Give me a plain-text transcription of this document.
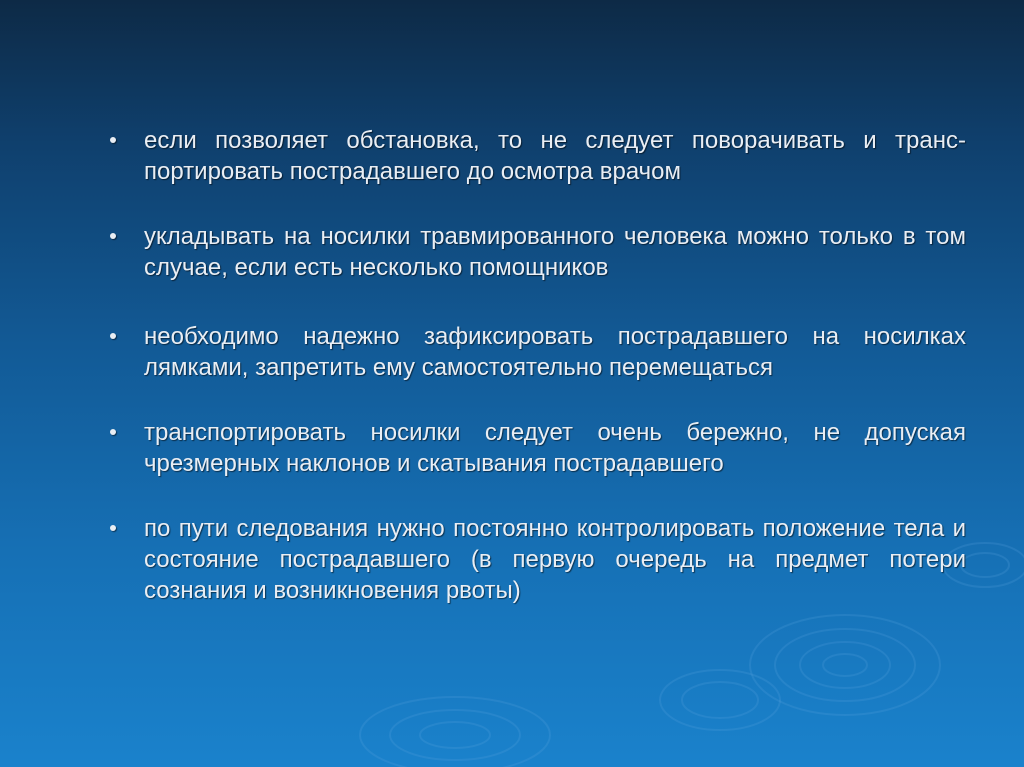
если позволяет обстановка, то не следует поворачивать и транс-портировать пострадавшего до осмотра врачом
укладывать на носилки травмированного человека можно только в том случае, если есть несколько помощников
необходимо надежно зафиксировать пострадавшего на носилках лямками, запретить ему самостоятельно перемещаться
транспортировать носилки следует очень бережно, не допуская чрезмерных наклонов и скатывания пострадавшего
по пути следования нужно постоянно контролировать положение тела и состояние пострадавшего (в первую очередь на предмет потери сознания и возникновения рвоты)
